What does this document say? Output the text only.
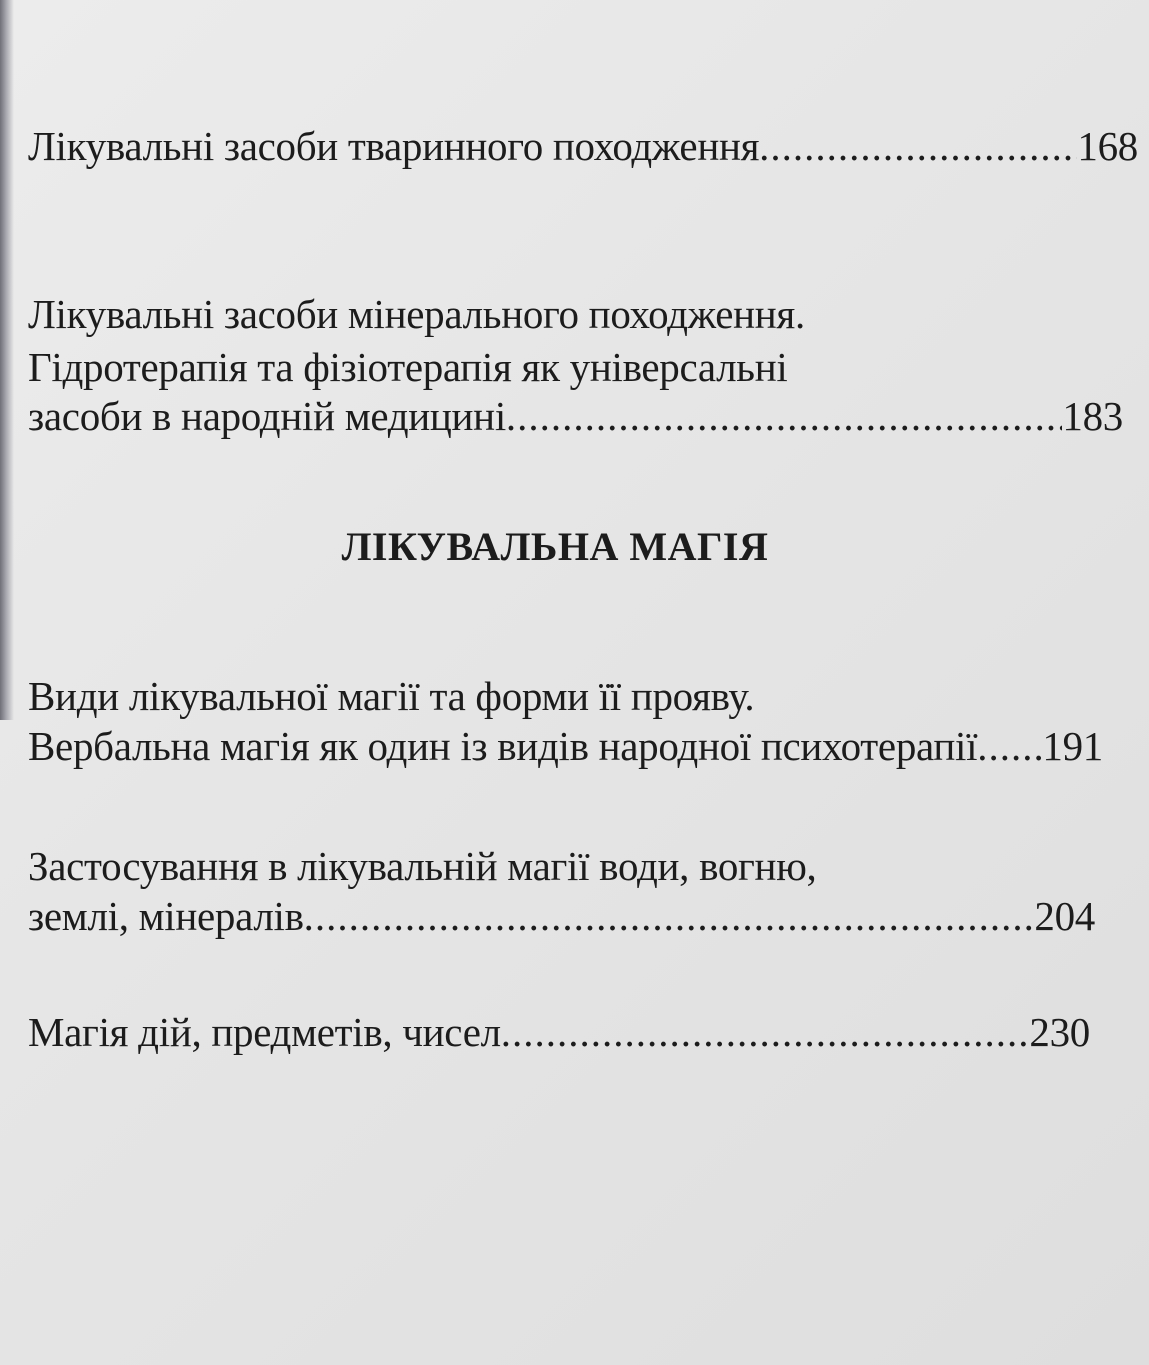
Лікувальні засоби тваринного походження .....	168
Лікувальні засоби мінерального походження.
Гідротерапія та фізіотерапія як універсальні
засоби в народній медицині .....	183
ЛІКУВАЛЬНА МАГІЯ
Види лікувальної магії та форми її прояву.
Вербальна магія як один із видів народної психотерапії ..... 191
Застосування в лікувальній магії води, вогню,
землі, мінералів .....	204
Магія дій, предметів, чисел .....	230
